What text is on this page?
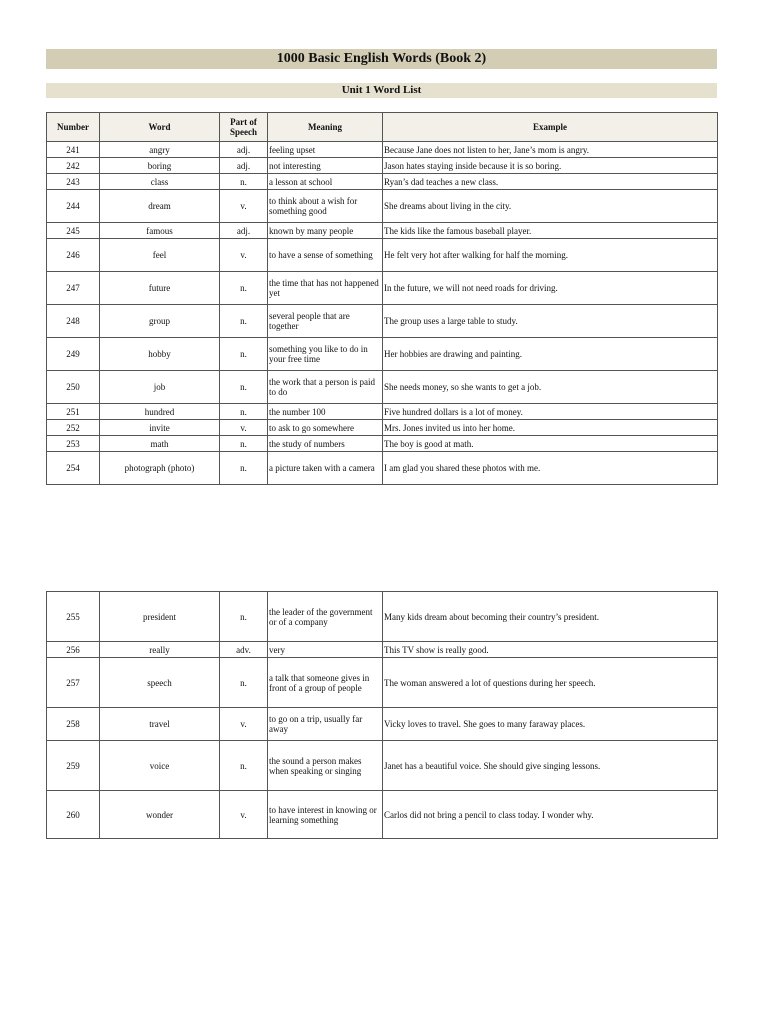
1000 Basic English Words (Book 2)
Unit 1 Word List
Number	Word	Part of Speech	Meaning	Example
241	angry	adj.	feeling upset	Because Jane does not listen to her, Jane’s mom is angry.
242	boring	adj.	not interesting	Jason hates staying inside because it is so boring.
243	class	n.	a lesson at school	Ryan’s dad teaches a new class.
244	dream	v.	to think about a wish for something good	She dreams about living in the city.
245	famous	adj.	known by many people	The kids like the famous baseball player.
246	feel	v.	to have a sense of something	He felt very hot after walking for half the morning.
247	future	n.	the time that has not happened yet	In the future, we will not need roads for driving.
248	group	n.	several people that are together	The group uses a large table to study.
249	hobby	n.	something you like to do in your free time	Her hobbies are drawing and painting.
250	job	n.	the work that a person is paid to do	She needs money, so she wants to get a job.
251	hundred	n.	the number 100	Five hundred dollars is a lot of money.
252	invite	v.	to ask to go somewhere	Mrs. Jones invited us into her home.
253	math	n.	the study of numbers	The boy is good at math.
254	photograph (photo)	n.	a picture taken with a camera	I am glad you shared these photos with me.
255	president	n.	the leader of the government or of a company	Many kids dream about becoming their country’s president.
256	really	adv.	very	This TV show is really good.
257	speech	n.	a talk that someone gives in front of a group of people	The woman answered a lot of questions during her speech.
258	travel	v.	to go on a trip, usually far away	Vicky loves to travel. She goes to many faraway places.
259	voice	n.	the sound a person makes when speaking or singing	Janet has a beautiful voice. She should give singing lessons.
260	wonder	v.	to have interest in knowing or learning something	Carlos did not bring a pencil to class today. I wonder why.
